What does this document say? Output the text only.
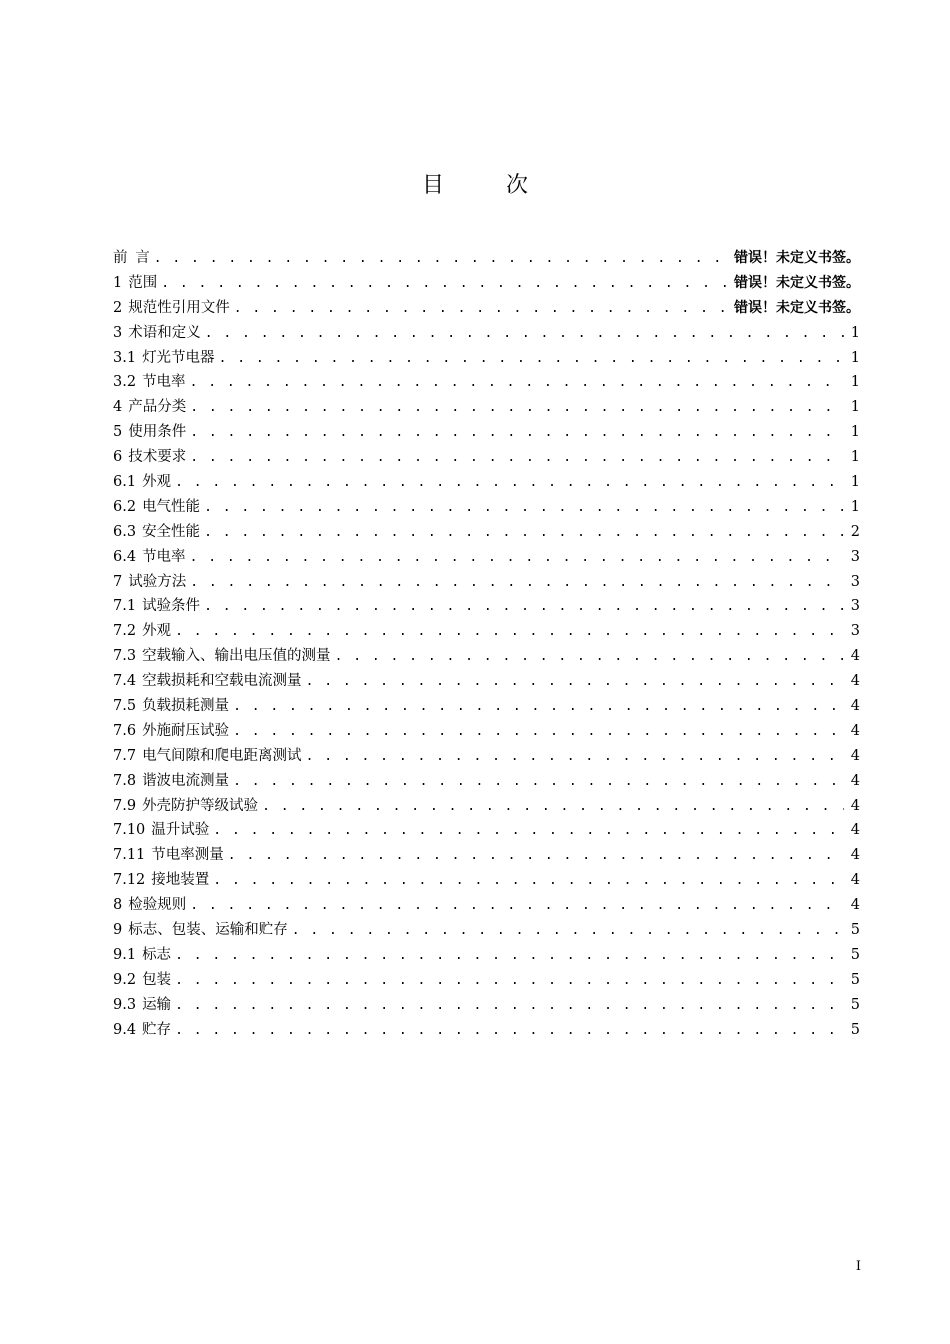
目	次
前 言 . . .	错误！未定义书签。
1 范围 . . .	错误！未定义书签。
2 规范性引用文件 . . .	错误！未定义书签。
3 术语和定义 . . .	1
3.1 灯光节电器 . . .	1
3.2 节电率 . . .	1
4 产品分类 . . .	1
5 使用条件 . . .	1
6 技术要求 . . .	1
6.1 外观 . . .	1
6.2 电气性能 . . .	1
6.3 安全性能 . . .	2
6.4 节电率 . . .	3
7 试验方法 . . .	3
7.1 试验条件 . . .	3
7.2 外观 . . .	3
7.3 空载输入、输出电压值的测量 . . .	4
7.4 空载损耗和空载电流测量 . . .	4
7.5 负载损耗测量 . . .	4
7.6 外施耐压试验 . . .	4
7.7 电气间隙和爬电距离测试 . . .	4
7.8 谐波电流测量 . . .	4
7.9 外壳防护等级试验 . . .	4
7.10 温升试验 . . .	4
7.11 节电率测量 . . .	4
7.12 接地装置 . . .	4
8 检验规则 . . .	4
9 标志、包装、运输和贮存 . . .	5
9.1 标志 . . .	5
9.2 包装 . . .	5
9.3 运输 . . .	5
9.4 贮存 . . .	5
I
